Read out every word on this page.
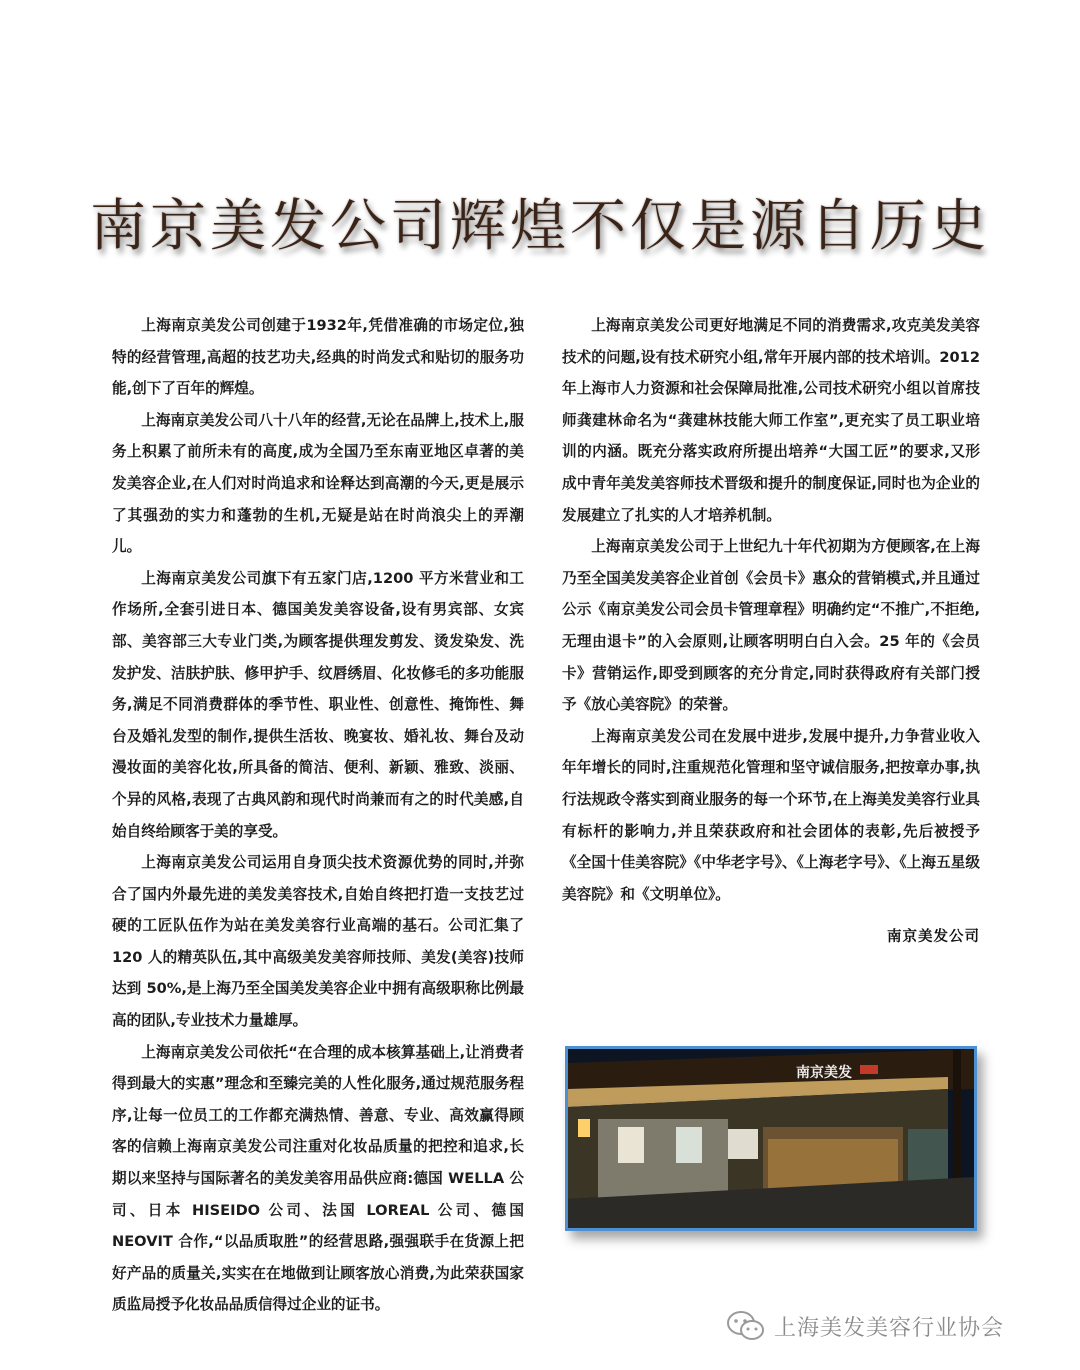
南京美发公司辉煌不仅是源自历史

上海南京美发公司创建于1932年,凭借准确的市场定位,独特的经营管理,高超的技艺功夫,经典的时尚发式和贴切的服务功能,创下了百年的辉煌。

上海南京美发公司八十八年的经营,无论在品牌上,技术上,服务上积累了前所未有的高度,成为全国乃至东南亚地区卓著的美发美容企业,在人们对时尚追求和诠释达到高潮的今天,更是展示了其强劲的实力和蓬勃的生机,无疑是站在时尚浪尖上的弄潮儿。

上海南京美发公司旗下有五家门店,1200 平方米营业和工作场所,全套引进日本、德国美发美容设备,设有男宾部、女宾部、美容部三大专业门类,为顾客提供理发剪发、烫发染发、洗发护发、洁肤护肤、修甲护手、纹唇绣眉、化妆修毛的多功能服务,满足不同消费群体的季节性、职业性、创意性、掩饰性、舞台及婚礼发型的制作,提供生活妆、晚宴妆、婚礼妆、舞台及动漫妆面的美容化妆,所具备的简洁、便利、新颖、雅致、淡丽、个异的风格,表现了古典风韵和现代时尚兼而有之的时代美感,自始自终给顾客于美的享受。

上海南京美发公司运用自身顶尖技术资源优势的同时,并弥合了国内外最先进的美发美容技术,自始自终把打造一支技艺过硬的工匠队伍作为站在美发美容行业高端的基石。公司汇集了 120 人的精英队伍,其中高级美发美容师技师、美发(美容)技师达到 50%,是上海乃至全国美发美容企业中拥有高级职称比例最高的团队,专业技术力量雄厚。

上海南京美发公司依托“在合理的成本核算基础上,让消费者得到最大的实惠”理念和至臻完美的人性化服务,通过规范服务程序,让每一位员工的工作都充满热情、善意、专业、高效赢得顾客的信赖上海南京美发公司注重对化妆品质量的把控和追求,长期以来坚持与国际著名的美发美容用品供应商:德国 WELLA 公司、日本 HISEIDO 公司、法国 LOREAL 公司、德国 NEOVIT 合作,“以品质取胜”的经营思路,强强联手在货源上把好产品的质量关,实实在在地做到让顾客放心消费,为此荣获国家质监局授予化妆品品质信得过企业的证书。

上海南京美发公司更好地满足不同的消费需求,攻克美发美容技术的问题,设有技术研究小组,常年开展内部的技术培训。2012 年上海市人力资源和社会保障局批准,公司技术研究小组以首席技师龚建林命名为“龚建林技能大师工作室”,更充实了员工职业培训的内涵。既充分落实政府所提出培养“大国工匠”的要求,又形成中青年美发美容师技术晋级和提升的制度保证,同时也为企业的发展建立了扎实的人才培养机制。

上海南京美发公司于上世纪九十年代初期为方便顾客,在上海乃至全国美发美容企业首创《会员卡》惠众的营销模式,并且通过公示《南京美发公司会员卡管理章程》明确约定“不推广,不拒绝,无理由退卡”的入会原则,让顾客明明白白入会。25 年的《会员卡》营销运作,即受到顾客的充分肯定,同时获得政府有关部门授予《放心美容院》的荣誉。

上海南京美发公司在发展中进步,发展中提升,力争营业收入年年增长的同时,注重规范化管理和坚守诚信服务,把按章办事,执行法规政令落实到商业服务的每一个环节,在上海美发美容行业具有标杆的影响力,并且荣获政府和社会团体的表彰,先后被授予《全国十佳美容院》《中华老字号》、《上海老字号》、《上海五星级美容院》和《文明单位》。

南京美发公司
南京美发
上海美发美容行业协会
